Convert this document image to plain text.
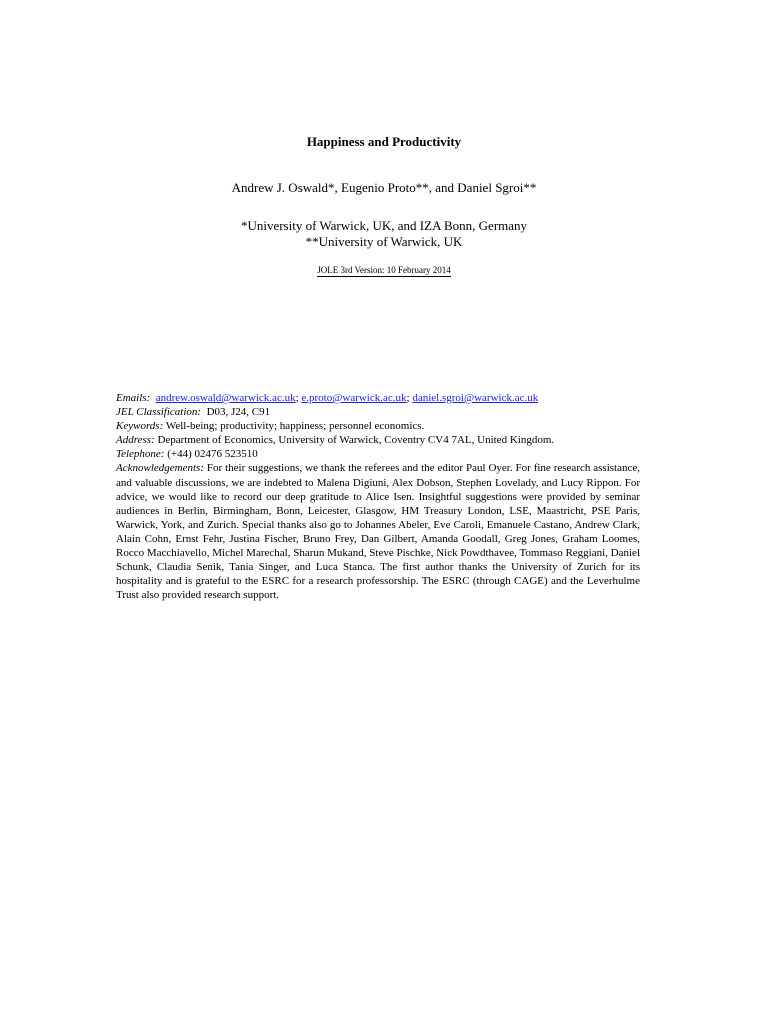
Happiness and Productivity
Andrew J. Oswald*, Eugenio Proto**, and Daniel Sgroi**
*University of Warwick, UK, and IZA Bonn, Germany
**University of Warwick, UK
JOLE 3rd Version: 10 February 2014
Emails: andrew.oswald@warwick.ac.uk; e.proto@warwick.ac.uk; daniel.sgroi@warwick.ac.uk
JEL Classification: D03, J24, C91
Keywords: Well-being; productivity; happiness; personnel economics.
Address: Department of Economics, University of Warwick, Coventry CV4 7AL, United Kingdom.
Telephone: (+44) 02476 523510

Acknowledgements: For their suggestions, we thank the referees and the editor Paul Oyer. For fine research assistance, and valuable discussions, we are indebted to Malena Digiuni, Alex Dobson, Stephen Lovelady, and Lucy Rippon. For advice, we would like to record our deep gratitude to Alice Isen. Insightful suggestions were provided by seminar audiences in Berlin, Birmingham, Bonn, Leicester, Glasgow, HM Treasury London, LSE, Maastricht, PSE Paris, Warwick, York, and Zurich. Special thanks also go to Johannes Abeler, Eve Caroli, Emanuele Castano, Andrew Clark, Alain Cohn, Ernst Fehr, Justina Fischer, Bruno Frey, Dan Gilbert, Amanda Goodall, Greg Jones, Graham Loomes, Rocco Macchiavello, Michel Marechal, Sharun Mukand, Steve Pischke, Nick Powdthavee, Tommaso Reggiani, Daniel Schunk, Claudia Senik, Tania Singer, and Luca Stanca. The first author thanks the University of Zurich for its hospitality and is grateful to the ESRC for a research professorship. The ESRC (through CAGE) and the Leverhulme Trust also provided research support.
